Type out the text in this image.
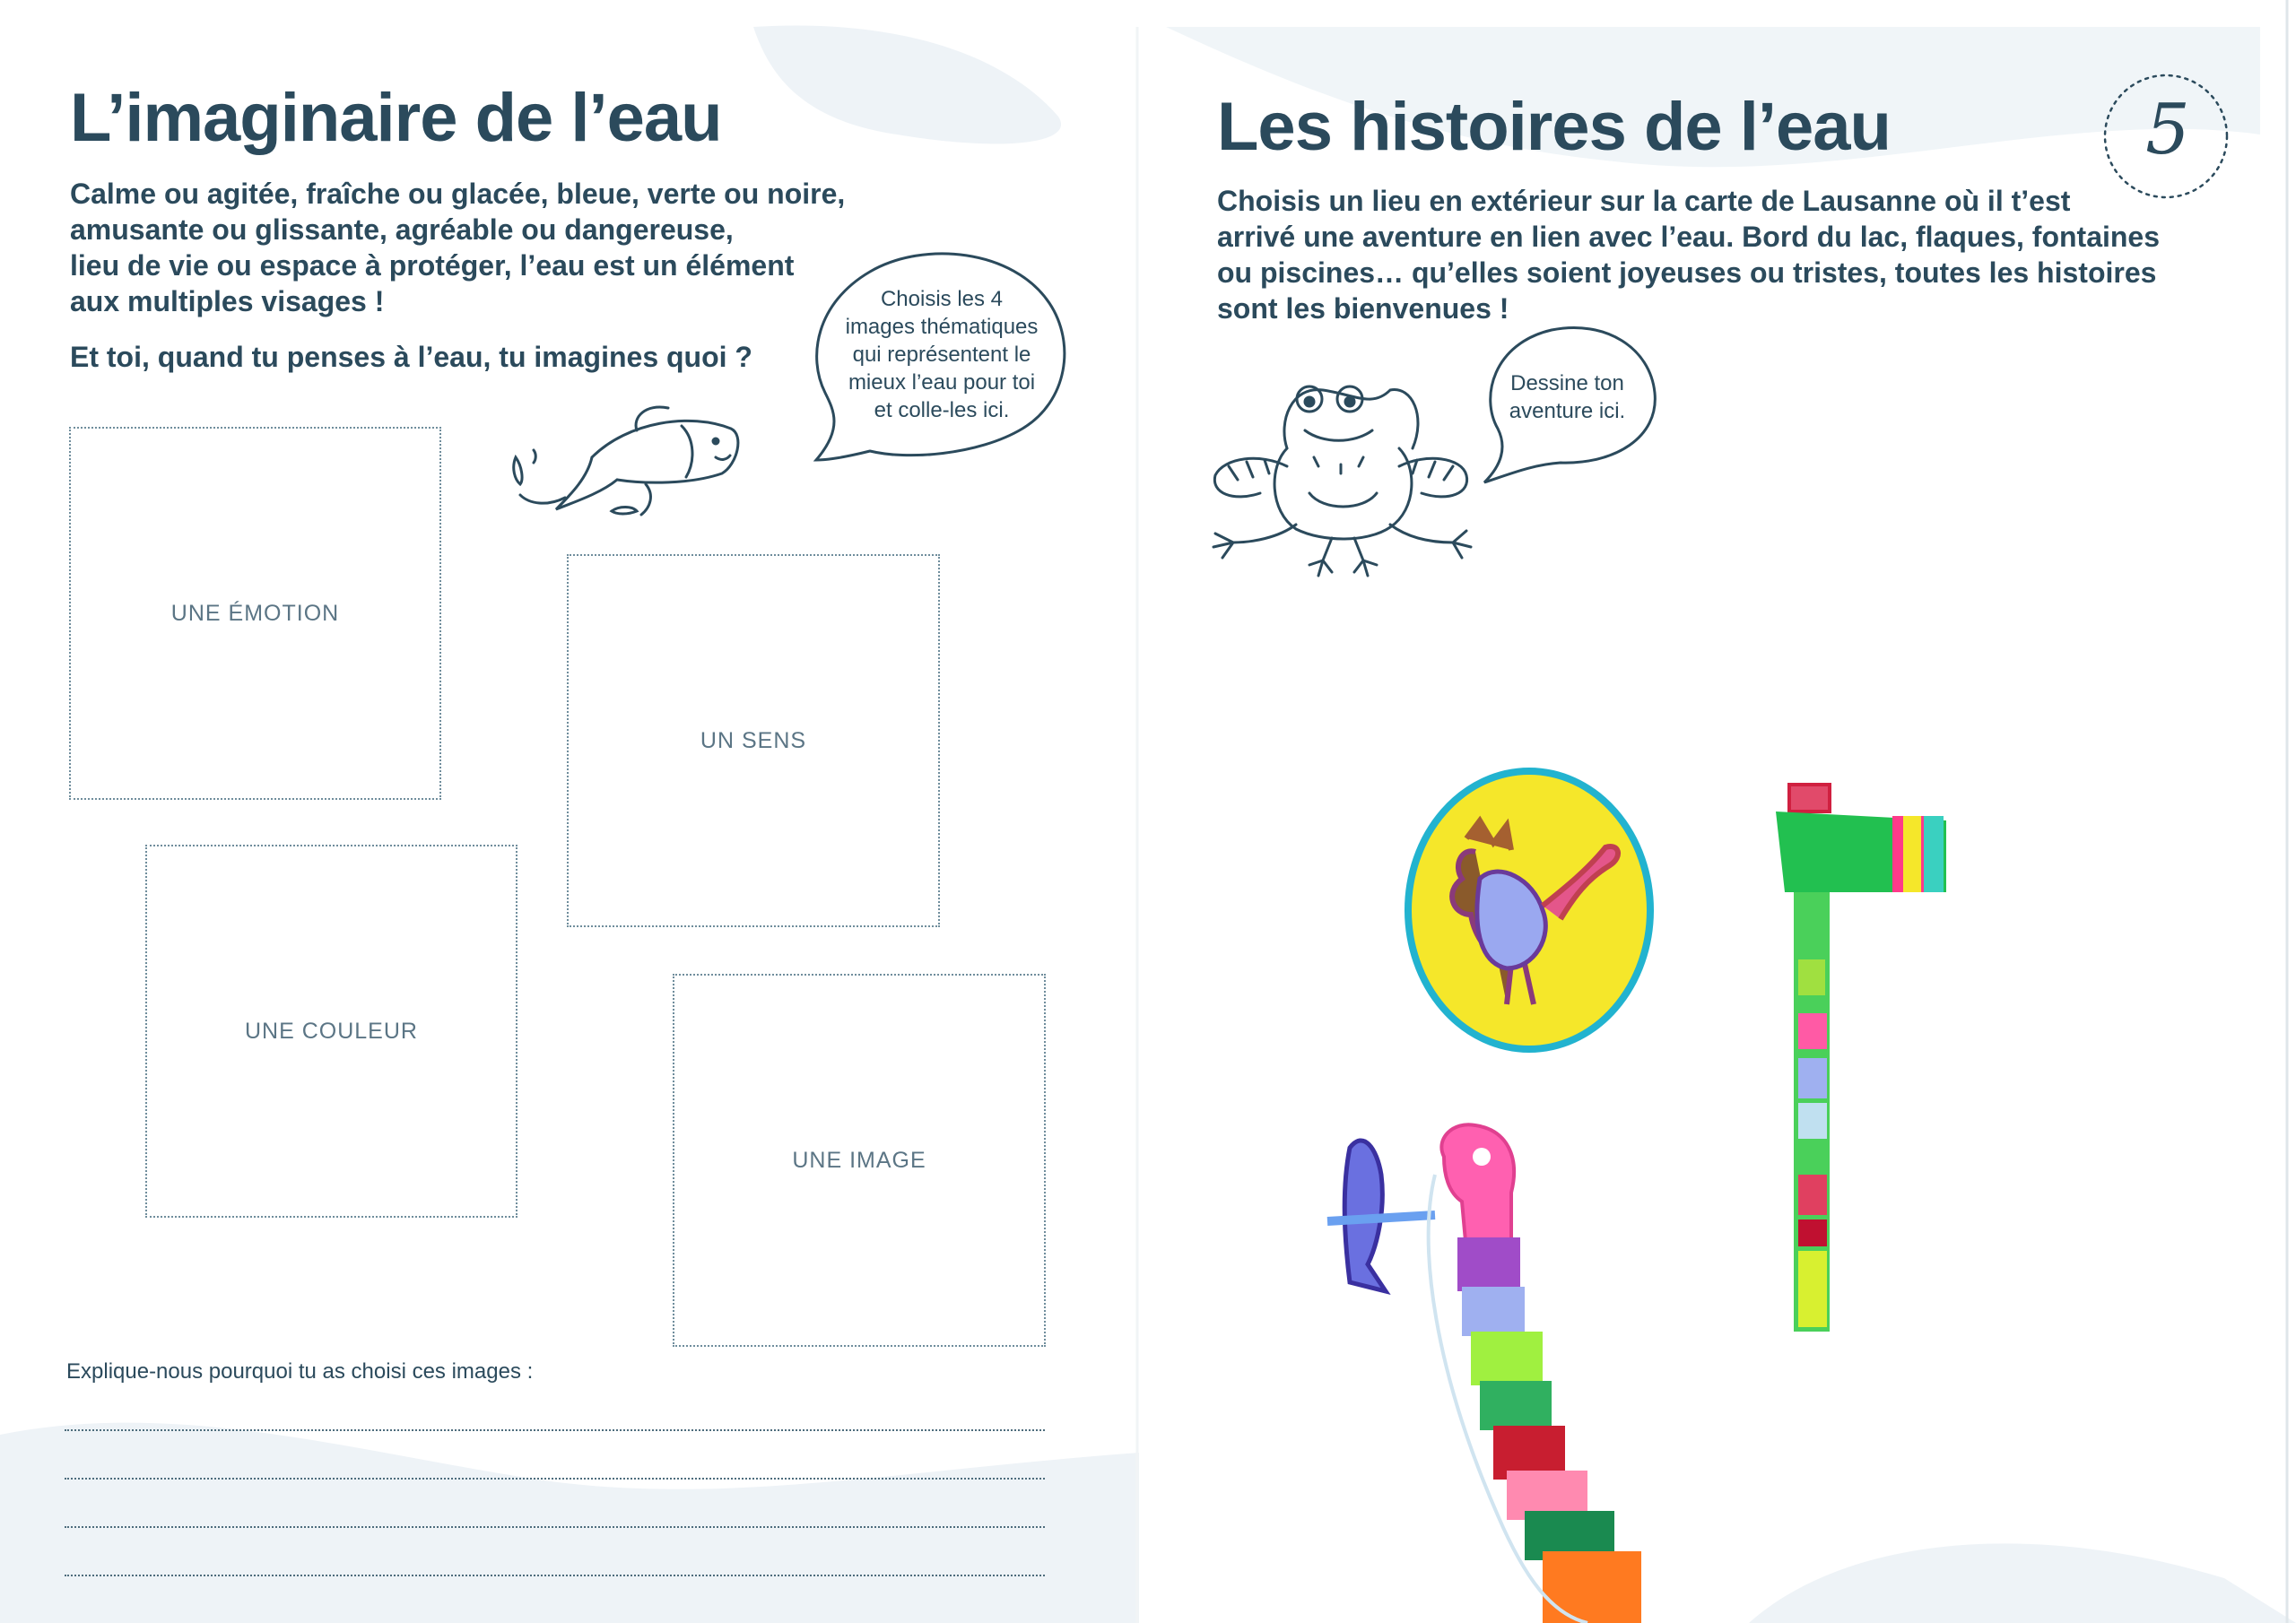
L’imaginaire de l’eau

Calme ou agitée, fraîche ou glacée, bleue, verte ou noire,

amusante ou glissante, agréable ou dangereuse,

lieu de vie ou espace à protéger, l’eau est un élément

aux multiples visages !

Et toi, quand tu penses à l’eau, tu imagines quoi ?
Choisis les 4
images thématiques
qui représentent le
mieux l’eau pour toi
et colle-les ici.
UNE ÉMOTION
UN SENS
UNE COULEUR
UNE IMAGE
Explique-nous pourquoi tu as choisi ces images :
Les histoires de l’eau	5

Choisis un lieu en extérieur sur la carte de Lausanne où il t’est

arrivé une aventure en lien avec l’eau. Bord du lac, flaques, fontaines

ou piscines… qu’elles soient joyeuses ou tristes, toutes les histoires

sont les bienvenues !

Dessine ton
aventure ici.
